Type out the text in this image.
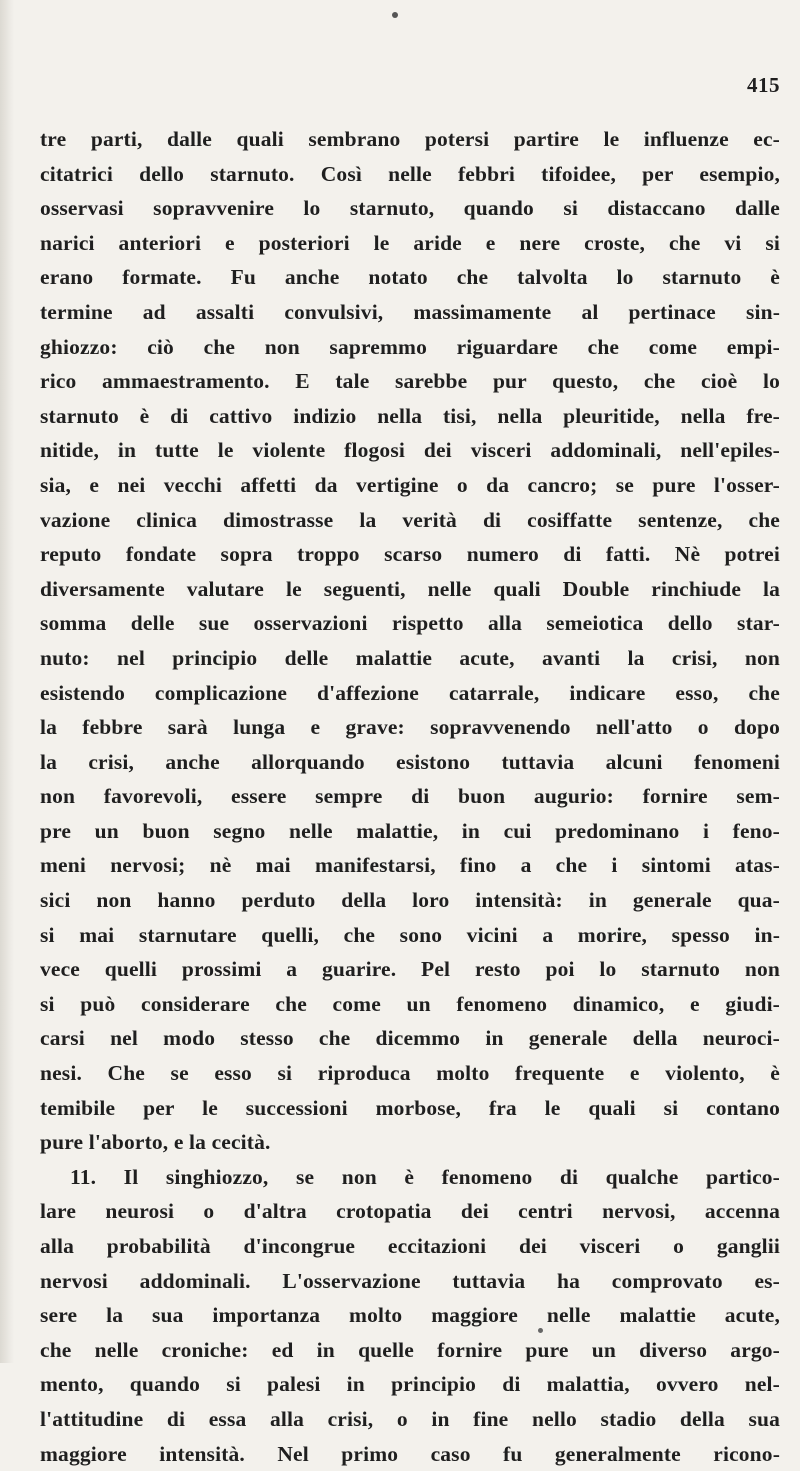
415
tre parti, dalle quali sembrano potersi partire le influenze ec-
citatrici dello starnuto. Così nelle febbri tifoidee, per esempio,
osservasi sopravvenire lo starnuto, quando si distaccano dalle
narici anteriori e posteriori le aride e nere croste, che vi si
erano formate. Fu anche notato che talvolta lo starnuto è
termine ad assalti convulsivi, massimamente al pertinace sin-
ghiozzo: ciò che non sapremmo riguardare che come empi-
rico ammaestramento. E tale sarebbe pur questo, che cioè lo
starnuto è di cattivo indizio nella tisi, nella pleuritide, nella fre-
nitide, in tutte le violente flogosi dei visceri addominali, nell'epiles-
sia, e nei vecchi affetti da vertigine o da cancro; se pure l'osser-
vazione clinica dimostrasse la verità di cosiffatte sentenze, che
reputo fondate sopra troppo scarso numero di fatti. Nè potrei
diversamente valutare le seguenti, nelle quali Double rinchiude la
somma delle sue osservazioni rispetto alla semeiotica dello star-
nuto: nel principio delle malattie acute, avanti la crisi, non
esistendo complicazione d'affezione catarrale, indicare esso, che
la febbre sarà lunga e grave: sopravvenendo nell'atto o dopo
la crisi, anche allorquando esistono tuttavia alcuni fenomeni
non favorevoli, essere sempre di buon augurio: fornire sem-
pre un buon segno nelle malattie, in cui predominano i feno-
meni nervosi; nè mai manifestarsi, fino a che i sintomi atas-
sici non hanno perduto della loro intensità: in generale qua-
si mai starnutare quelli, che sono vicini a morire, spesso in-
vece quelli prossimi a guarire. Pel resto poi lo starnuto non
si può considerare che come un fenomeno dinamico, e giudi-
carsi nel modo stesso che dicemmo in generale della neuroci-
nesi. Che se esso si riproduca molto frequente e violento, è
temibile per le successioni morbose, fra le quali si contano
pure l'aborto, e la cecità.
11. Il singhiozzo, se non è fenomeno di qualche partico-
lare neurosi o d'altra crotopatia dei centri nervosi, accenna
alla probabilità d'incongrue eccitazioni dei visceri o ganglii
nervosi addominali. L'osservazione tuttavia ha comprovato es-
sere la sua importanza molto maggiore nelle malattie acute,
che nelle croniche: ed in quelle fornire pure un diverso argo-
mento, quando si palesi in principio di malattia, ovvero nel-
l'attitudine di essa alla crisi, o in fine nello stadio della sua
maggiore intensità. Nel primo caso fu generalmente ricono-
